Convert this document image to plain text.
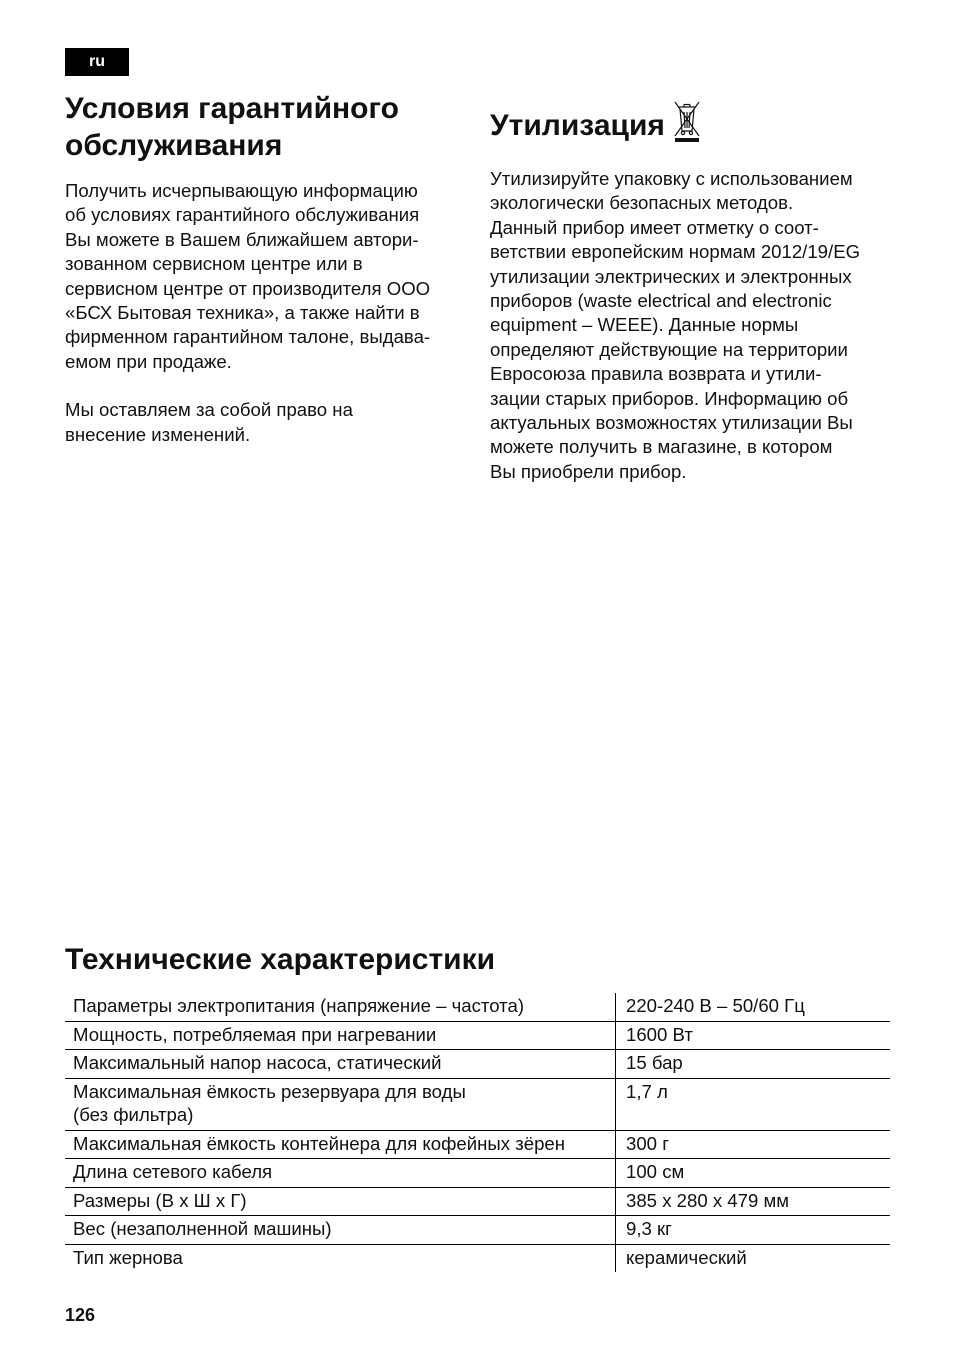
ru
Условия гарантийного
обслуживания

Получить исчерпывающую информацию
об условиях гарантийного обслуживания
Вы можете в Вашем ближайшем автори-
зованном сервисном центре или в
сервисном центре от производителя ООО
«БСХ Бытовая техника», а также найти в
фирменном гарантийном талоне, выдава-
емом при продаже.

Мы оставляем за собой право на
внесение изменений.

Утилизация

Утилизируйте упаковку с использованием
экологически безопасных методов.
Данный прибор имеет отметку о соот-
ветствии европейским нормам 2012/19/EG
утилизации электрических и электронных
приборов (waste electrical and electronic
equipment – WEEE). Данные нормы
определяют действующие на территории
Евросоюза правила возврата и утили-
зации старых приборов. Информацию об
актуальных возможностях утилизации Вы
можете получить в магазине, в котором
Вы приобрели прибор.

Технические характеристики
Параметры электропитания (напряжение – частота)	220-240 В – 50/60 Гц

Мощность, потребляемая при нагревании	1600 Вт

Максимальный напор насоса, статический	15 бар

Максимальная ёмкость резервуара для воды
(без фильтра)	1,7 л

Максимальная ёмкость контейнера для кофейных зёрен	300 г

Длина сетевого кабеля	100 см

Размеры (В х Ш х Г)	385 x 280 x 479 мм

Вес (незаполненной машины)	9,3 кг

Тип жернова	керамический
126
